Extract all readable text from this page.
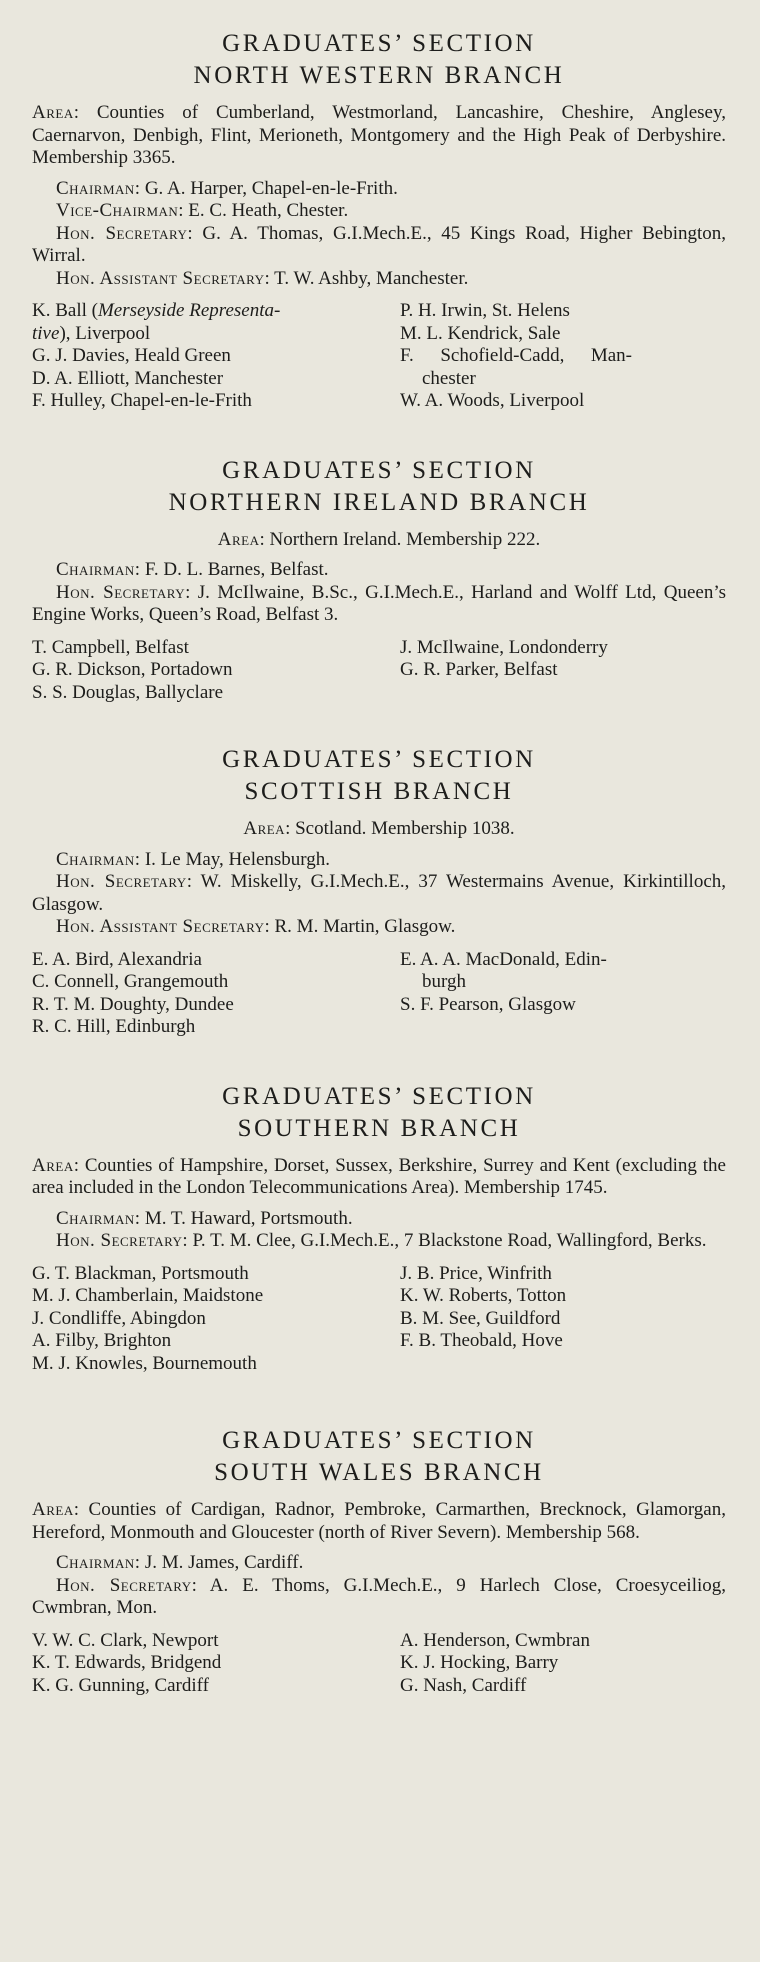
GRADUATES’ SECTION
NORTH WESTERN BRANCH

Area: Counties of Cumberland, Westmorland, Lancashire, Cheshire, Anglesey, Caernarvon, Denbigh, Flint, Merioneth, Montgomery and the High Peak of Derbyshire. Membership 3365.

Chairman: G. A. Harper, Chapel-en-le-Frith.

Vice-Chairman: E. C. Heath, Chester.

Hon. Secretary: G. A. Thomas, G.I.Mech.E., 45 Kings Road, Higher Bebington, Wirral.

Hon. Assistant Secretary: T. W. Ashby, Manchester.

K. Ball (Merseyside Representa-
tive), Liverpool
G. J. Davies, Heald Green
D. A. Elliott, Manchester
F. Hulley, Chapel-en-le-Frith
P. H. Irwin, St. Helens
M. L. Kendrick, Sale
F. Schofield-Cadd, Man-
chester
W. A. Woods, Liverpool
GRADUATES’ SECTION
NORTHERN IRELAND BRANCH

Area: Northern Ireland. Membership 222.

Chairman: F. D. L. Barnes, Belfast.

Hon. Secretary: J. McIlwaine, B.Sc., G.I.Mech.E., Harland and Wolff Ltd, Queen’s Engine Works, Queen’s Road, Belfast 3.

T. Campbell, Belfast
G. R. Dickson, Portadown
S. S. Douglas, Ballyclare
J. McIlwaine, Londonderry
G. R. Parker, Belfast
GRADUATES’ SECTION
SCOTTISH BRANCH

Area: Scotland. Membership 1038.

Chairman: I. Le May, Helensburgh.

Hon. Secretary: W. Miskelly, G.I.Mech.E., 37 Westermains Avenue, Kirkintilloch, Glasgow.

Hon. Assistant Secretary: R. M. Martin, Glasgow.

E. A. Bird, Alexandria
C. Connell, Grangemouth
R. T. M. Doughty, Dundee
R. C. Hill, Edinburgh
E. A. A. MacDonald, Edin-
burgh
S. F. Pearson, Glasgow
GRADUATES’ SECTION
SOUTHERN BRANCH

Area: Counties of Hampshire, Dorset, Sussex, Berkshire, Surrey and Kent (excluding the area included in the London Telecommunications Area). Membership 1745.

Chairman: M. T. Haward, Portsmouth.

Hon. Secretary: P. T. M. Clee, G.I.Mech.E., 7 Blackstone Road, Wallingford, Berks.

G. T. Blackman, Portsmouth
M. J. Chamberlain, Maidstone
J. Condliffe, Abingdon
A. Filby, Brighton
M. J. Knowles, Bournemouth
J. B. Price, Winfrith
K. W. Roberts, Totton
B. M. See, Guildford
F. B. Theobald, Hove
GRADUATES’ SECTION
SOUTH WALES BRANCH

Area: Counties of Cardigan, Radnor, Pembroke, Carmarthen, Brecknock, Glamorgan, Hereford, Monmouth and Gloucester (north of River Severn). Membership 568.

Chairman: J. M. James, Cardiff.

Hon. Secretary: A. E. Thoms, G.I.Mech.E., 9 Harlech Close, Croesyceiliog, Cwmbran, Mon.

V. W. C. Clark, Newport
K. T. Edwards, Bridgend
K. G. Gunning, Cardiff
A. Henderson, Cwmbran
K. J. Hocking, Barry
G. Nash, Cardiff
